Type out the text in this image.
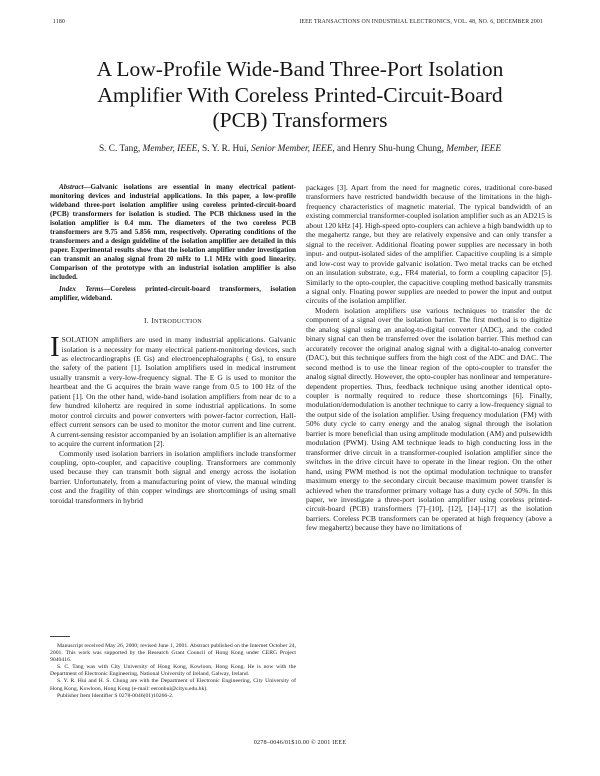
1180	IEEE TRANSACTIONS ON INDUSTRIAL ELECTRONICS, VOL. 48, NO. 6, DECEMBER 2001
A Low-Profile Wide-Band Three-Port Isolation
Amplifier With Coreless Printed-Circuit-Board
(PCB) Transformers
S. C. Tang, Member, IEEE, S. Y. R. Hui, Senior Member, IEEE, and Henry Shu-hung Chung, Member, IEEE

Abstract—Galvanic isolations are essential in many electrical patient-monitoring devices and industrial applications. In this paper, a low-profile wideband three-port isolation amplifier using coreless printed-circuit-board (PCB) transformers for isolation is studied. The PCB thickness used in the isolation amplifier is 0.4 mm. The diameters of the two coreless PCB transformers are 9.75 and 5.856 mm, respectively. Operating conditions of the transformers and a design guideline of the isolation amplifier are detailed in this paper. Experimental results show that the isolation amplifier under investigation can transmit an analog signal from 20 mHz to 1.1 MHz with good linearity. Comparison of the prototype with an industrial isolation amplifier is also included.

Index Terms—Coreless printed-circuit-board transformers, isolation amplifier, wideband.

I. INTRODUCTION

ISOLATION amplifiers are used in many industrial applications. Galvanic isolation is a necessity for many electrical patient-monitoring devices, such as electrocardiographs (E Gs) and electroencephalographs ( Gs), to ensure the safety of the patient [1]. Isolation amplifiers used in medical instrument usually transmit a very-low-frequency signal. The E G is used to monitor the heartbeat and the G acquires the brain wave range from 0.5 to 100 Hz of the patient [1]. On the other hand, wide-band isolation amplifiers from near dc to a few hundred kilohertz are required in some industrial applications. In some motor control circuits and power converters with power-factor correction, Hall-effect current sensors can be used to monitor the motor current and line current. A current-sensing resistor accompanied by an isolation amplifier is an alternative to acquire the current information [2].

Commonly used isolation barriers in isolation amplifiers include transformer coupling, opto-coupler, and capacitive coupling. Transformers are commonly used because they can transmit both signal and energy across the isolation barrier. Unfortunately, from a manufacturing point of view, the manual winding cost and the fragility of thin copper windings are shortcomings of using small toroidal transformers in hybrid

Manuscript received May 26, 2000; revised June 1, 2001. Abstract published on the Internet October 24, 2001. This work was supported by the Research Grant Council of Hong Kong under CERG Project 9040416.

S. C. Tang was with City University of Hong Kong, Kowloon, Hong Kong. He is now with the Department of Electronic Engineering, National University of Ireland, Galway, Ireland.

S. Y. R. Hui and H. S. Chung are with the Department of Electronic Engineering, City University of Hong Kong, Kowloon, Hong Kong (e-mail: eeronhui@cityu.edu.hk).

Publisher Item Identifier S 0278-0046(01)10266-2.

packages [3]. Apart from the need for magnetic cores, traditional core-based transformers have restricted bandwidth because of the limitations in the high-frequency characteristics of magnetic material. The typical bandwidth of an existing commercial transformer-coupled isolation amplifier such as an AD215 is about 120 kHz [4]. High-speed opto-couplers can achieve a high bandwidth up to the megahertz range, but they are relatively expensive and can only transfer a signal to the receiver. Additional floating power supplies are necessary in both input- and output-isolated sides of the amplifier. Capacitive coupling is a simple and low-cost way to provide galvanic isolation. Two metal tracks can be etched on an insulation substrate, e.g., FR4 material, to form a coupling capacitor [5]. Similarly to the opto-coupler, the capacitive coupling method basically transmits a signal only. Floating power supplies are needed to power the input and output circuits of the isolation amplifier.

Modern isolation amplifiers use various techniques to transfer the dc component of a signal over the isolation barrier. The first method is to digitize the analog signal using an analog-to-digital converter (ADC), and the coded binary signal can then be transferred over the isolation barrier. This method can accurately recover the original analog signal with a digital-to-analog converter (DAC), but this technique suffers from the high cost of the ADC and DAC. The second method is to use the linear region of the opto-coupler to transfer the analog signal directly. However, the opto-coupler has nonlinear and temperature-dependent properties. Thus, feedback technique using another identical opto-coupler is normally required to reduce these shortcomings [6]. Finally, modulation/demodulation is another technique to carry a low-frequency signal to the output side of the isolation amplifier. Using frequency modulation (FM) with 50% duty cycle to carry energy and the analog signal through the isolation barrier is more beneficial than using amplitude modulation (AM) and pulsewidth modulation (PWM). Using AM technique leads to high conducting loss in the transformer drive circuit in a transformer-coupled isolation amplifier since the switches in the drive circuit have to operate in the linear region. On the other hand, using PWM method is not the optimal modulation technique to transfer maximum energy to the secondary circuit because maximum power transfer is achieved when the transformer primary voltage has a duty cycle of 50%. In this paper, we investigate a three-port isolation amplifier using coreless printed-circuit-board (PCB) transformers [7]–[10], [12], [14]–[17] as the isolation barriers. Coreless PCB transformers can be operated at high frequency (above a few megahertz) because they have no limitations of

0278–0046/01$10.00 © 2001 IEEE
